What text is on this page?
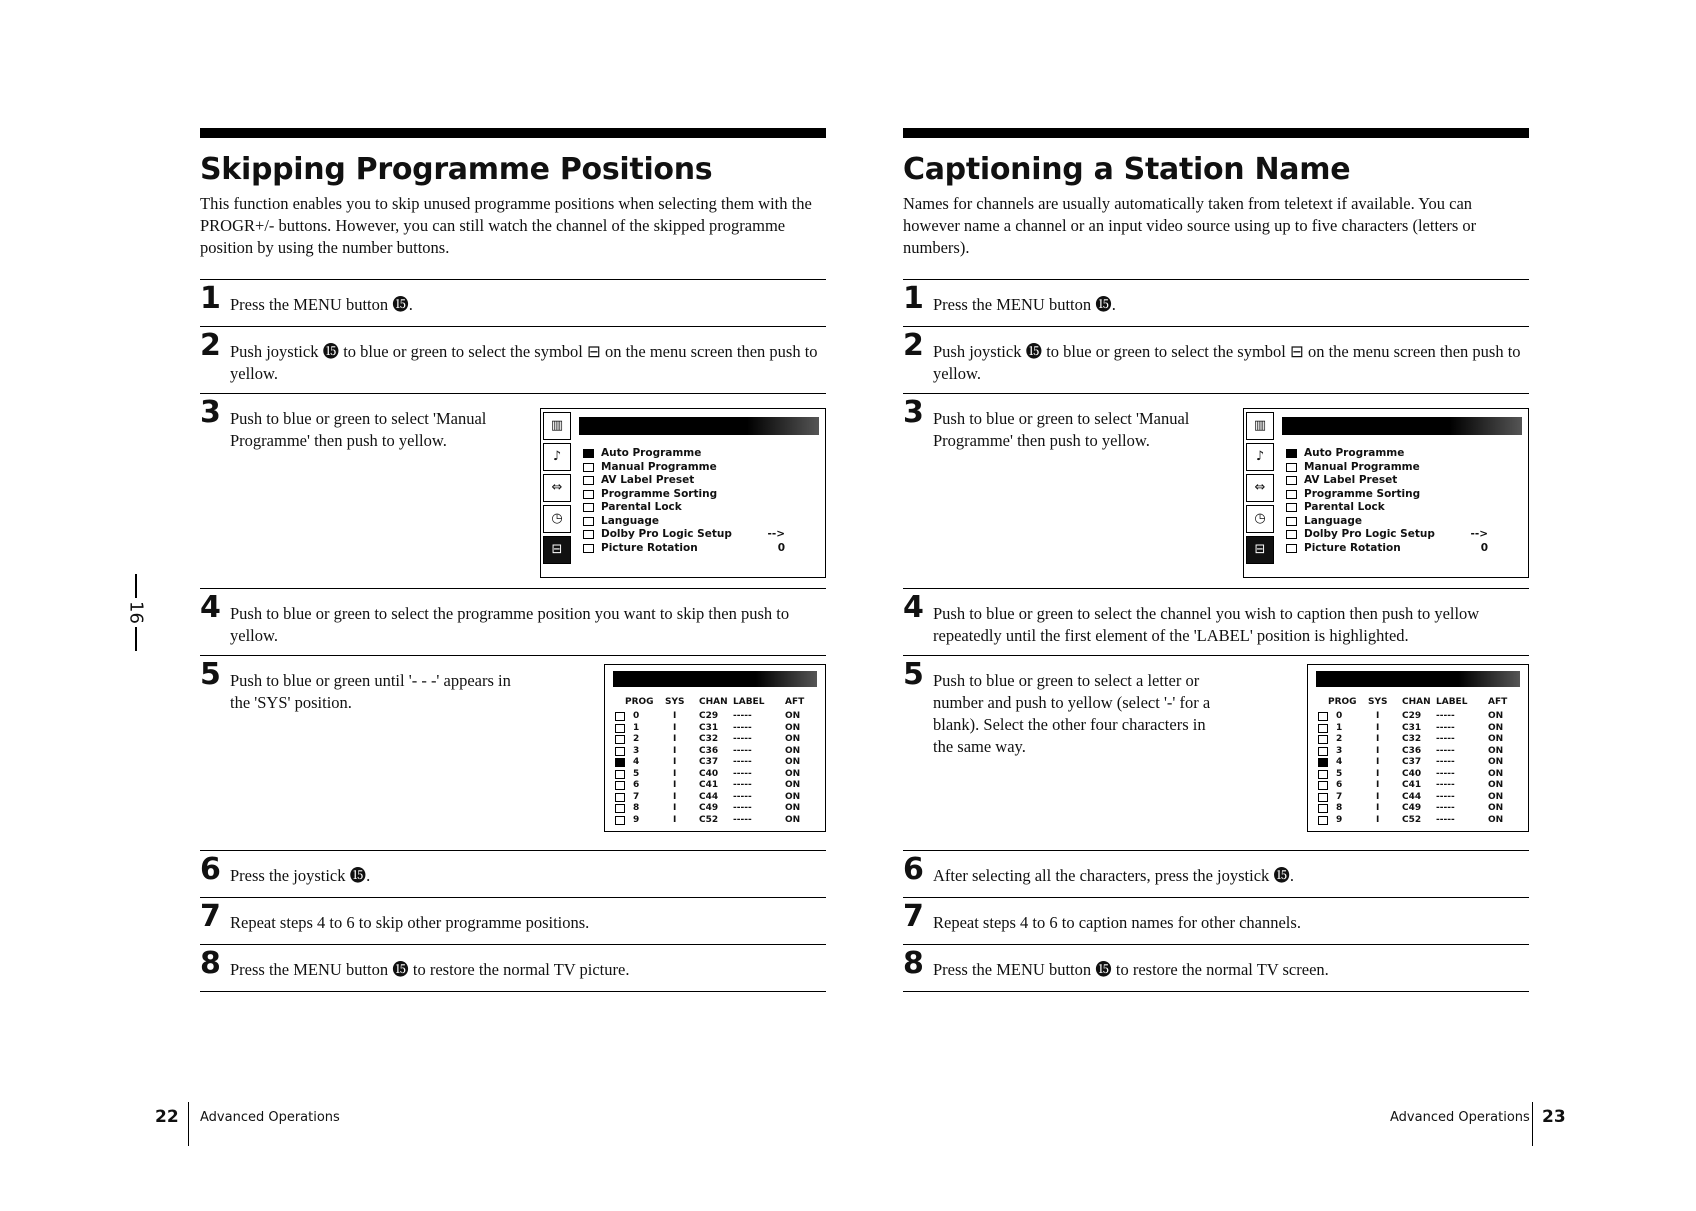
Skipping Programme Positions

This function enables you to skip unused programme positions when selecting them with the PROGR+/- buttons. However, you can still watch the channel of the skipped programme position by using the number buttons.

1 Press the MENU button ⓯.
2 Push joystick ⓯ to blue or green to select the symbol ⊟ on the menu screen then push to yellow.
3 Push to blue or green to select 'Manual Programme' then push to yellow.
▥
♪
⇔
◷
⊟
Auto Programme
Manual Programme
AV Label Preset
Programme Sorting
Parental Lock
Language
Dolby Pro Logic Setup	-->
Picture Rotation	0
4 Push to blue or green to select the programme position you want to skip then push to yellow.
5 Push to blue or green until '- - -' appears in the 'SYS' position.	PROG SYS CHAN LABEL AFT
0	I	C29 -----	ON
1	I	C31 -----	ON
2	I	C32 -----	ON
3	I	C36 -----	ON
4	I	C37 -----	ON
5	I	C40 -----	ON
6	I	C41 -----	ON
7	I	C44 -----	ON
8	I	C49 -----	ON
9	I	C52 -----	ON
6 Press the joystick ⓯.
7 Repeat steps 4 to 6 to skip other programme positions.
8 Press the MENU button ⓯ to restore the normal TV picture.
Captioning a Station Name

Names for channels are usually automatically taken from teletext if available. You can however name a channel or an input video source using up to five characters (letters or numbers).

1 Press the MENU button ⓯.
2 Push joystick ⓯ to blue or green to select the symbol ⊟ on the menu screen then push to yellow.
3 Push to blue or green to select 'Manual Programme' then push to yellow.
▥
♪
⇔
◷
⊟
Auto Programme
Manual Programme
AV Label Preset
Programme Sorting
Parental Lock
Language
Dolby Pro Logic Setup	-->
Picture Rotation	0
4 Push to blue or green to select the channel you wish to caption then push to yellow repeatedly until the first element of the 'LABEL' position is highlighted.
5 Push to blue or green to select a letter or number and push to yellow (select '-' for a blank). Select the other four characters in the same way.
PROG SYS CHAN LABEL AFT
0	I	C29 -----	ON
1	I	C31 -----	ON
2	I	C32 -----	ON
3	I	C36 -----	ON
4	I	C37 -----	ON
5	I	C40 -----	ON
6	I	C41 -----	ON
7	I	C44 -----	ON
8	I	C49 -----	ON
9	I	C52 -----	ON
6 After selecting all the characters, press the joystick ⓯.
7 Repeat steps 4 to 6 to caption names for other channels.
8 Press the MENU button ⓯ to restore the normal TV screen.
16
22 Advanced Operations	Advanced Operations 23
